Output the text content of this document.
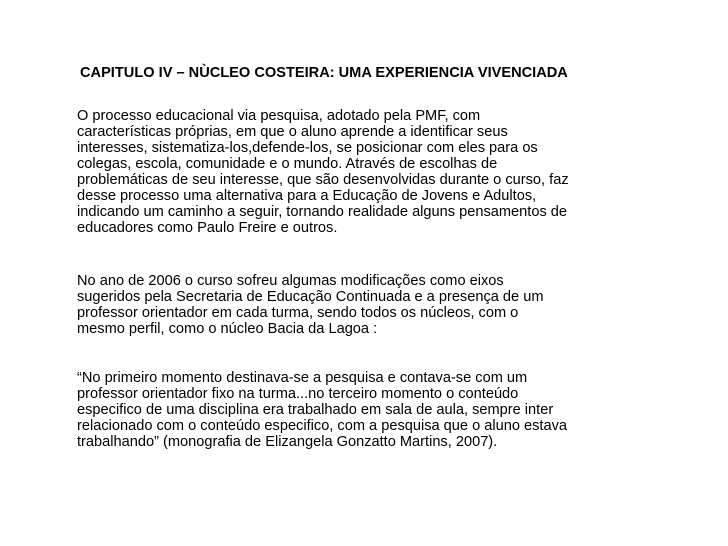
CAPITULO IV – NÙCLEO COSTEIRA: UMA EXPERIENCIA VIVENCIADA

O processo educacional via pesquisa, adotado pela PMF, com
características próprias, em que o aluno aprende a identificar seus
interesses, sistematiza-los,defende-los, se posicionar com eles para os
colegas, escola, comunidade e o mundo. Através de escolhas de
problemáticas de seu interesse, que são desenvolvidas durante o curso, faz
desse processo uma alternativa para a Educação de Jovens e Adultos,
indicando um caminho a seguir, tornando realidade alguns pensamentos de
educadores como Paulo Freire e outros.

No ano de 2006 o curso sofreu algumas modificações como eixos
sugeridos pela Secretaria de Educação Continuada e a presença de um
professor orientador em cada turma, sendo todos os núcleos, com o
mesmo perfil, como o núcleo Bacia da Lagoa :

“No primeiro momento destinava-se a pesquisa e contava-se com um
professor orientador fixo na turma...no terceiro momento o conteúdo
especifico de uma disciplina era trabalhado em sala de aula, sempre inter
relacionado com o conteúdo especifico, com a pesquisa que o aluno estava
trabalhando” (monografia de Elizangela Gonzatto Martins, 2007).
